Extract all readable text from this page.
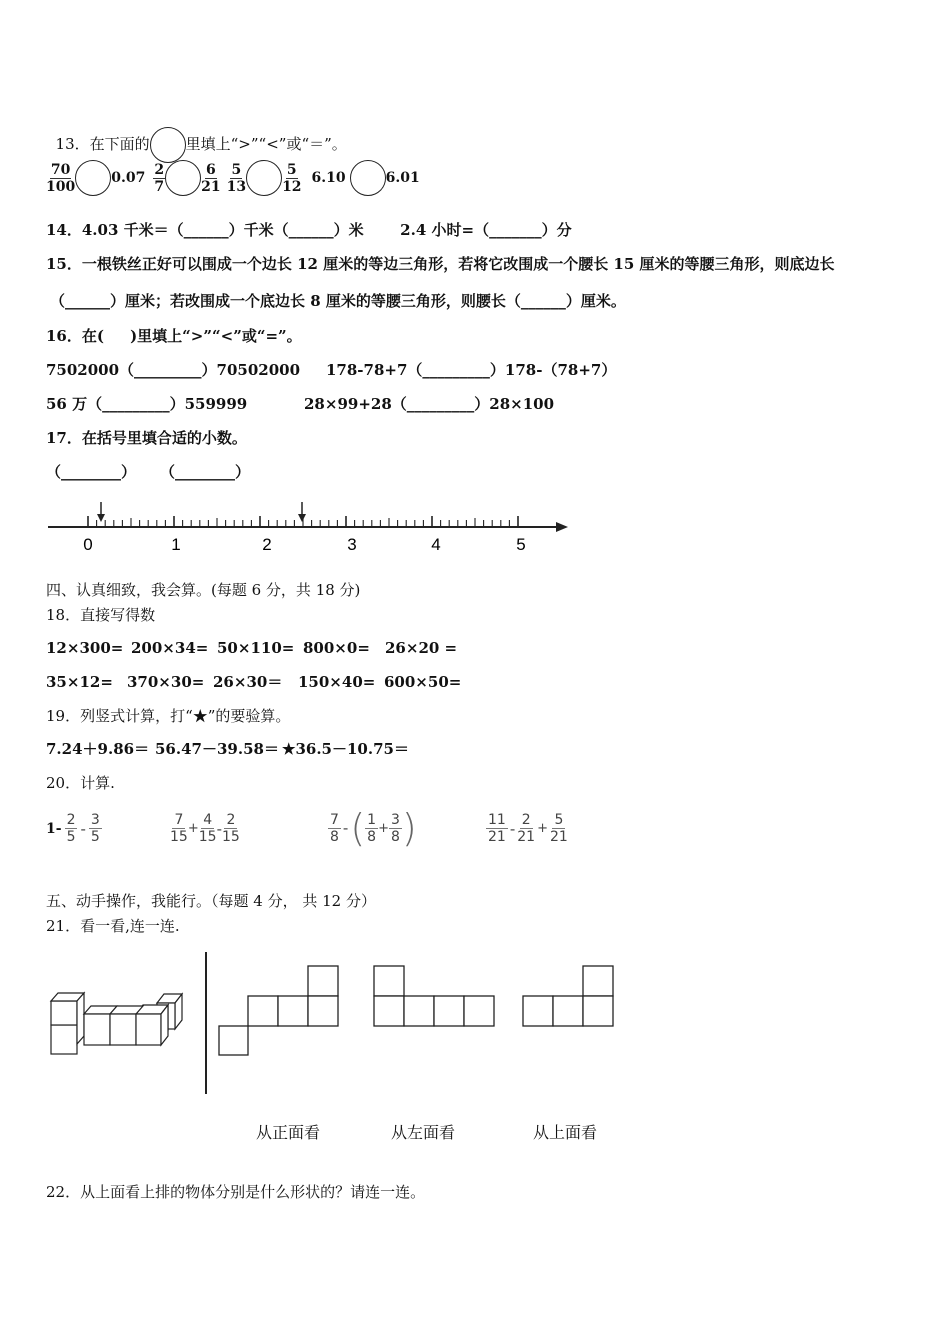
13．在下面的 里填上“>”“<”或“＝”。

$\frac{70}{100}$	$0.07 \frac{2}{7}$	$\frac{6}{21} \frac{5}{13}$	$\frac{5}{12} 6.10$	6.01
14．4.03 千米＝（______）千米（______）米       2.4 小时=（_______）分
15．一根铁丝正好可以围成一个边长 12 厘米的等边三角形，若将它改围成一个腰长 15 厘米的等腰三角形，则底边长
（______）厘米；若改围成一个底边长 8 厘米的等腰三角形，则腰长（______）厘米。
16．在(     )里填上“>”“<”或“=”。
7502000（_________）70502000 178-78+7（_________）178-（78+7）
56 万（_________）559999	28×99+28（_________）28×100
17．在括号里填合适的小数。
（________） （________）
0	1	2	3	4	5
四、认真细致，我会算。(每题 6 分，共 18 分)
18．直接写得数
12×300= 200×34= 50×110= 800×0= 26×20 =
35×12= 370×30= 26×30＝ 150×40= 600×50=
19．列竖式计算，打“★”的要验算。
7.24＋9.86＝ 56.47－39.58＝ ★36.5－10.75＝
20．计算.
$1- \frac{2}{5} - \frac{3}{5}$	$\frac{7}{15} + \frac{4}{15} - \frac{2}{15}$	$\frac{7}{8}$ - ( $\frac{1}{8} + \frac{3}{8}$ )	$\frac{11}{21} - \frac{2}{21} + \frac{5}{21}$
五、动手操作，我能行。（每题 4 分， 共 12 分）
21．看一看,连一连.
从正面看	从左面看	从上面看
22．从上面看上排的物体分别是什么形状的？请连一连。
